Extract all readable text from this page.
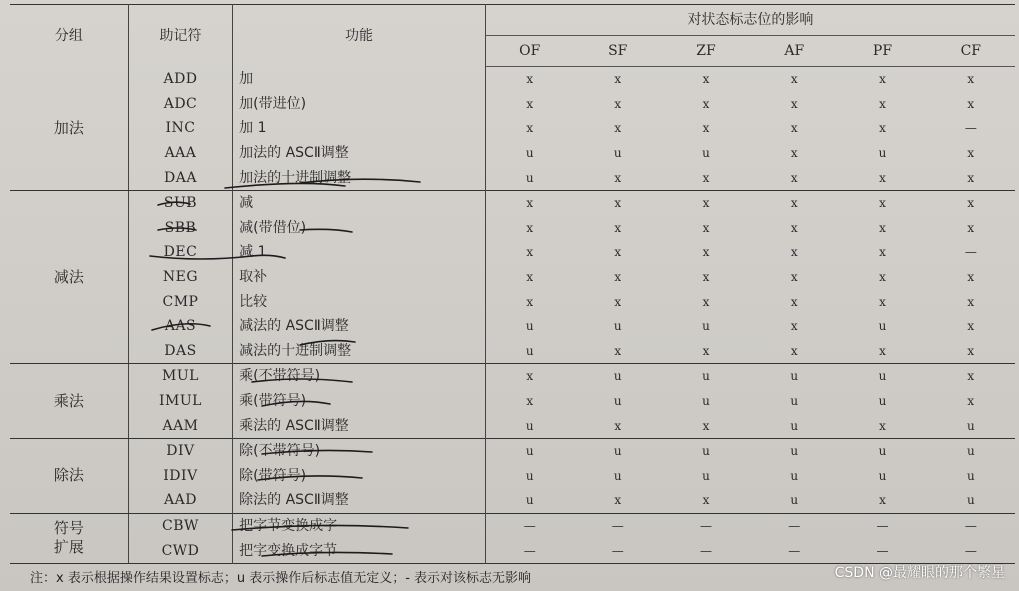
分组	助记符	功能	对状态标志位的影响					
			OF	SF	ZF	AF	PF	CF
加法	ADD	加	x	x	x	x	x	x
	ADC	加(带进位)	x	x	x	x	x	x
	INC	加 1	x	x	x	x	x	—
	AAA	加法的 ASCⅡ调整	u	u	u	x	u	x
	DAA	加法的十进制调整	u	x	x	x	x	x
减法	SUB	减	x	x	x	x	x	x
	SBB	减(带借位)	x	x	x	x	x	x
	DEC	减 1	x	x	x	x	x	—
	NEG	取补	x	x	x	x	x	x
	CMP	比较	x	x	x	x	x	x
	AAS	减法的 ASCⅡ调整	u	u	u	x	u	x
	DAS	减法的十进制调整	u	x	x	x	x	x
乘法	MUL	乘(不带符号)	x	u	u	u	u	x
	IMUL	乘(带符号)	x	u	u	u	u	x
	AAM	乘法的 ASCⅡ调整	u	x	x	u	x	u
除法	DIV	除(不带符号)	u	u	u	u	u	u
	IDIV	除(带符号)	u	u	u	u	u	u
	AAD	除法的 ASCⅡ调整	u	x	x	u	x	u

符号
扩展	CBW	把字节变换成字	—	—	—	—	—	—
	CWD	把字变换成字节	—	—	—	—	—	—
注：x 表示根据操作结果设置标志；u 表示操作后标志值无定义；- 表示对该标志无影响	CSDN @最耀眼的那个繁星
